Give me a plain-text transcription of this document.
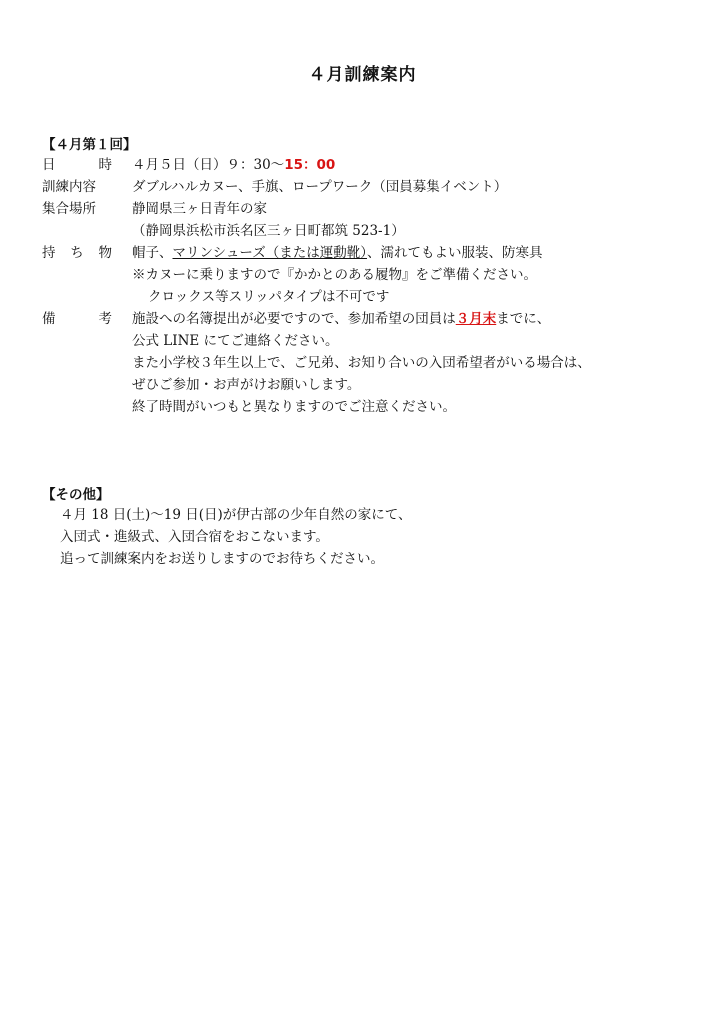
４月訓練案内
【４月第１回】
日	時 ４月５日（日）９：30～15：00
訓練内容	ダブルハルカヌー、手旗、ロープワーク（団員募集イベント）
集合場所	静岡県三ヶ日青年の家
（静岡県浜松市浜名区三ヶ日町都筑 523-1）
持 ち 物 帽子、マリンシューズ（または運動靴）、濡れてもよい服装、防寒具
※カヌーに乗りますので『かかとのある履物』をご準備ください。
クロックス等スリッパタイプは不可です
備	考 施設への名簿提出が必要ですので、参加希望の団員は３月末までに、
公式 LINE にてご連絡ください。
また小学校３年生以上で、ご兄弟、お知り合いの入団希望者がいる場合は、
ぜひご参加・お声がけお願いします。
終了時間がいつもと異なりますのでご注意ください。
【その他】
４月 18 日(土)～19 日(日)が伊古部の少年自然の家にて、
入団式・進級式、入団合宿をおこないます。
追って訓練案内をお送りしますのでお待ちください。
